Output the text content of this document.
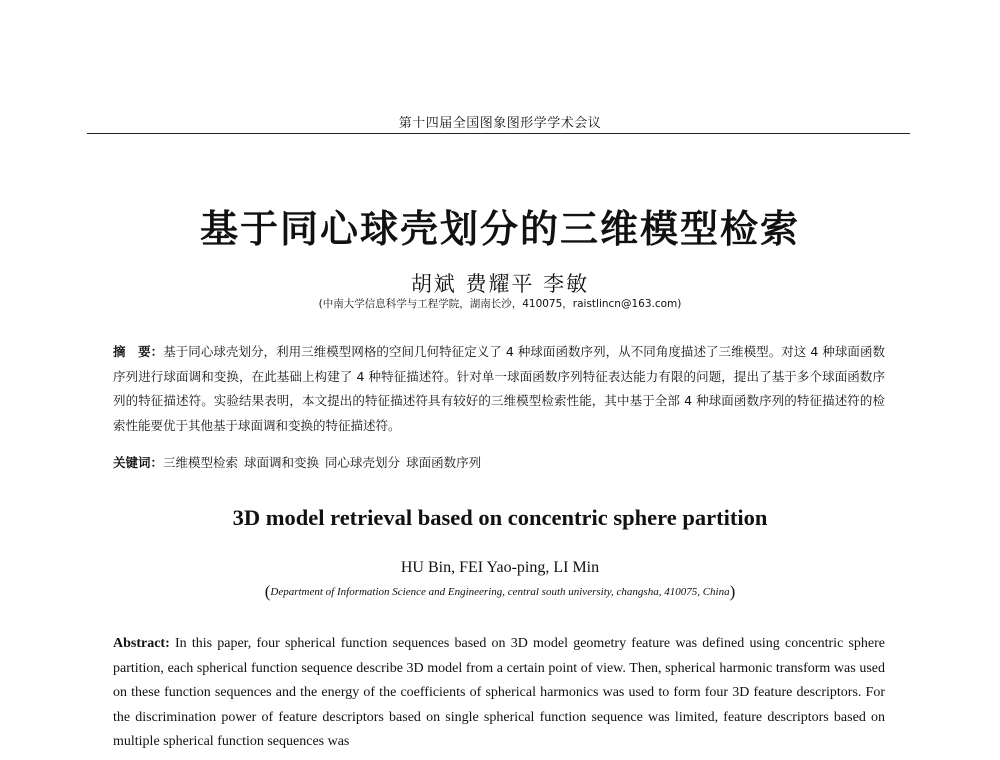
第十四届全国图象图形学学术会议
基于同心球壳划分的三维模型检索
胡斌 费耀平 李敏
(中南大学信息科学与工程学院，湖南长沙，410075，raistlincn@163.com)
摘　要：基于同心球壳划分，利用三维模型网格的空间几何特征定义了 4 种球面函数序列，从不同角度描述了三维模型。对这 4 种球面函数序列进行球面调和变换，在此基础上构建了 4 种特征描述符。针对单一球面函数序列特征表达能力有限的问题，提出了基于多个球面函数序列的特征描述符。实验结果表明，本文提出的特征描述符具有较好的三维模型检索性能，其中基于全部 4 种球面函数序列的特征描述符的检索性能要优于其他基于球面调和变换的特征描述符。
关键词：三维模型检索 球面调和变换 同心球壳划分 球面函数序列
3D model retrieval based on concentric sphere partition
HU Bin, FEI Yao-ping, LI Min
(Department of Information Science and Engineering, central south university, changsha, 410075, China)
Abstract: In this paper, four spherical function sequences based on 3D model geometry feature was defined using concentric sphere partition, each spherical function sequence describe 3D model from a certain point of view. Then, spherical harmonic transform was used on these function sequences and the energy of the coefficients of spherical harmonics was used to form four 3D feature descriptors. For the discrimination power of feature descriptors based on single spherical function sequence was limited, feature descriptors based on multiple spherical function sequences was
